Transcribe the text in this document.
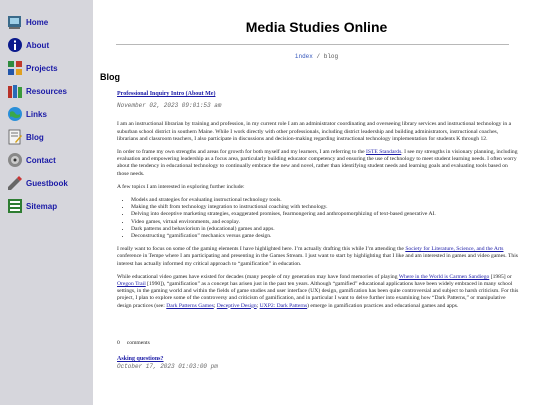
Home
About
Projects
Resources
Links
Blog
Contact
Guestbook
Sitemap
Media Studies Online
index / blog
Blog
Professional Inquiry Intro (About Me)
November 02, 2023 09:01:53 am

I am an instructional librarian by training and profession, in my current role I am an administrator coordinating and overseeing library services and instructional technology in a suburban school district in southern Maine. While I work directly with other professionals, including district leadership and building administrators, instructional coaches, librarians and classroom teachers, I also participate in discussions and decision-making regarding instructional technology implementation for students K through 12.

In order to frame my own strengths and areas for growth for both myself and my learners, I am referring to the ISTE Standards. I see my strengths in visionary planning, including evaluation and empowering leadership as a focus area, particularly building educator competency and ensuring the use of technology to meet student learning needs. I often worry about the tendency in educational technology to continually embrace the new and novel, rather than identifying student needs and learning goals and evaluating tools based on those needs.

A few topics I am interested in exploring further include:

• Models and strategies for evaluating instructional technology tools.
• Making the shift from technology integration to instructional coaching with technology.
• Delving into deceptive marketing strategies, exaggerated promises, fearmongering and anthropomorphizing of text-based generative AI.
• Video games, virtual environments, and ecoplay.
• Dark patterns and behaviorism in (educational) games and apps.
• Deconstructing “gamification” mechanics versus game design.

I really want to focus on some of the gaming elements I have highlighted here. I’m actually drafting this while I’m attending the Society for Literature, Science, and the Arts conference in Tempe where I am participating and presenting in the Games Stream. I just want to start by highlighting that I like and am interested in games and video games. This interest has actually informed my critical approach to “gamification” in education.

While educational video games have existed for decades (many people of my generation may have fond memories of playing Where in the World is Carmen Sandiego [1985] or Oregon Trail [1990]), “gamification” as a concept has arisen just in the past ten years. Although “gamified” educational applications have been widely embraced in many school settings, in the gaming world and within the fields of game studies and user interface (UX) design, gamification has been quite controversial and subject to harsh criticism. For this project, I plan to explore some of the controversy and criticism of gamification, and in particular I want to delve further into examining how “Dark Patterns,” or manipulative design practices (see: Dark Patterns Games; Deceptive Design; UXP2: Dark Patterns) emerge in gamification practices and educational games and apps.

0 comments
Asking questions?
October 17, 2023 01:03:00 pm
